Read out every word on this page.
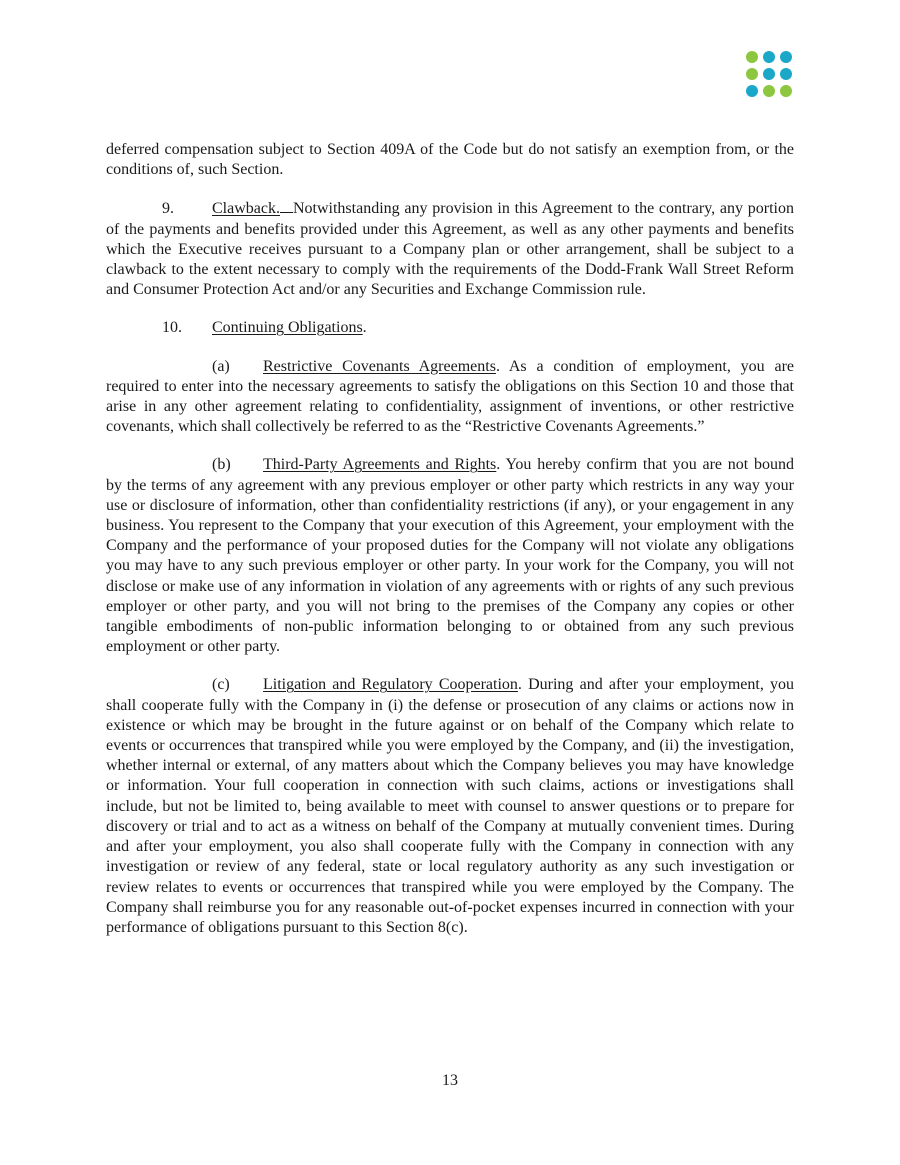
deferred compensation subject to Section 409A of the Code but do not satisfy an exemption from, or the conditions of, such Section.

9. Clawback. Notwithstanding any provision in this Agreement to the contrary, any portion of the payments and benefits provided under this Agreement, as well as any other payments and benefits which the Executive receives pursuant to a Company plan or other arrangement, shall be subject to a clawback to the extent necessary to comply with the requirements of the Dodd-Frank Wall Street Reform and Consumer Protection Act and/or any Securities and Exchange Commission rule.

10. Continuing Obligations.

(a) Restrictive Covenants Agreements. As a condition of employment, you are required to enter into the necessary agreements to satisfy the obligations on this Section 10 and those that arise in any other agreement relating to confidentiality, assignment of inventions, or other restrictive covenants, which shall collectively be referred to as the “Restrictive Covenants Agreements.”

(b) Third-Party Agreements and Rights. You hereby confirm that you are not bound by the terms of any agreement with any previous employer or other party which restricts in any way your use or disclosure of information, other than confidentiality restrictions (if any), or your engagement in any business. You represent to the Company that your execution of this Agreement, your employment with the Company and the performance of your proposed duties for the Company will not violate any obligations you may have to any such previous employer or other party. In your work for the Company, you will not disclose or make use of any information in violation of any agreements with or rights of any such previous employer or other party, and you will not bring to the premises of the Company any copies or other tangible embodiments of non-public information belonging to or obtained from any such previous employment or other party.

(c) Litigation and Regulatory Cooperation. During and after your employment, you shall cooperate fully with the Company in (i) the defense or prosecution of any claims or actions now in existence or which may be brought in the future against or on behalf of the Company which relate to events or occurrences that transpired while you were employed by the Company, and (ii) the investigation, whether internal or external, of any matters about which the Company believes you may have knowledge or information. Your full cooperation in connection with such claims, actions or investigations shall include, but not be limited to, being available to meet with counsel to answer questions or to prepare for discovery or trial and to act as a witness on behalf of the Company at mutually convenient times. During and after your employment, you also shall cooperate fully with the Company in connection with any investigation or review of any federal, state or local regulatory authority as any such investigation or review relates to events or occurrences that transpired while you were employed by the Company. The Company shall reimburse you for any reasonable out-of-pocket expenses incurred in connection with your performance of obligations pursuant to this Section 8(c).

13
